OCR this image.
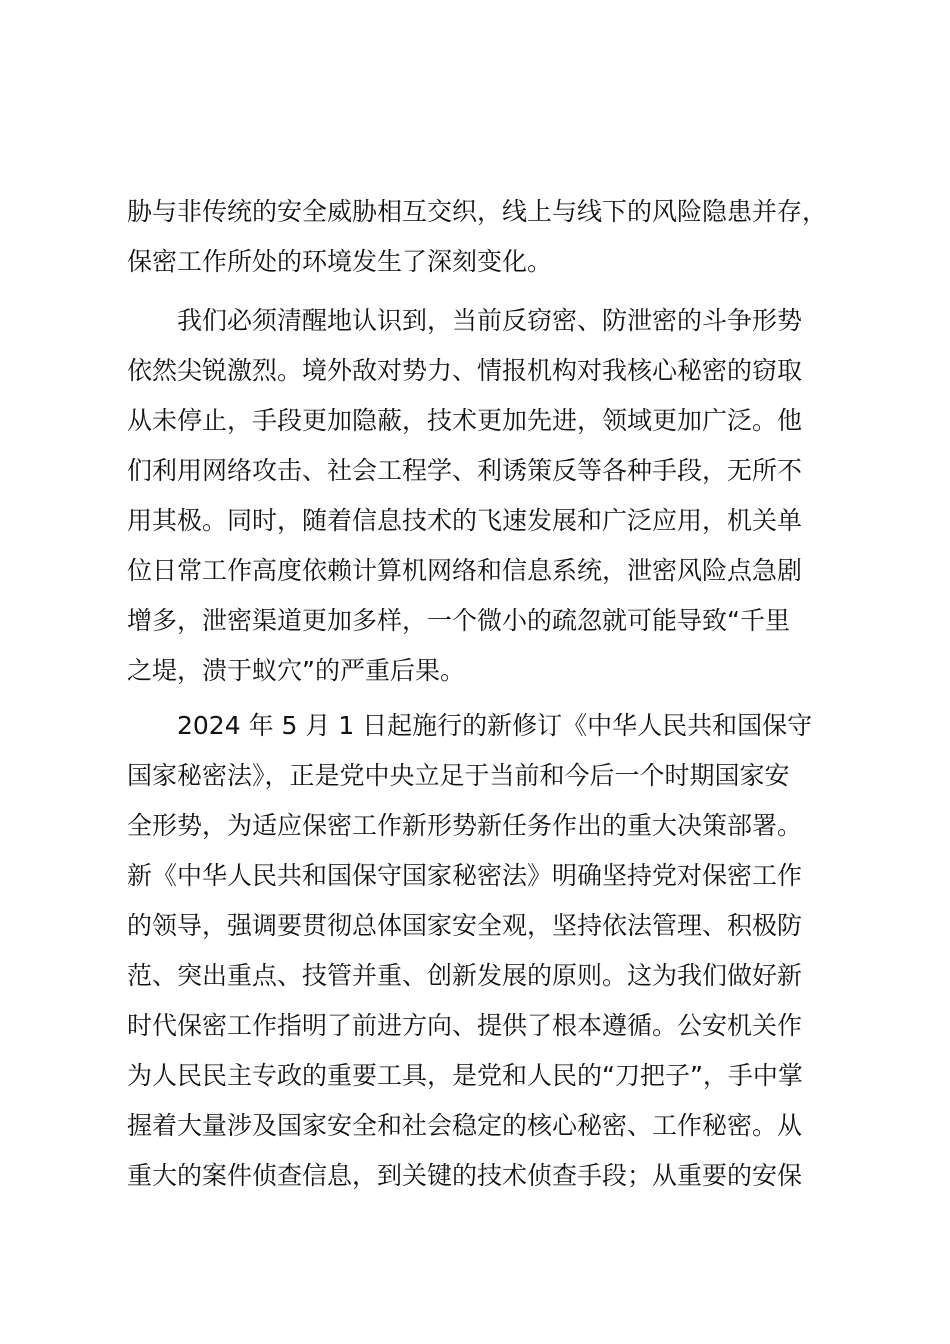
胁与非传统的安全威胁相互交织，线上与线下的风险隐患并存，
保密工作所处的环境发生了深刻变化。
　　我们必须清醒地认识到，当前反窃密、防泄密的斗争形势
依然尖锐激烈。境外敌对势力、情报机构对我核心秘密的窃取
从未停止，手段更加隐蔽，技术更加先进，领域更加广泛。他
们利用网络攻击、社会工程学、利诱策反等各种手段，无所不
用其极。同时，随着信息技术的飞速发展和广泛应用，机关单
位日常工作高度依赖计算机网络和信息系统，泄密风险点急剧
增多，泄密渠道更加多样，一个微小的疏忽就可能导致“千里
之堤，溃于蚁穴”的严重后果。
　　2024 年 5 月 1 日起施行的新修订《中华人民共和国保守
国家秘密法》，正是党中央立足于当前和今后一个时期国家安
全形势，为适应保密工作新形势新任务作出的重大决策部署。
新《中华人民共和国保守国家秘密法》明确坚持党对保密工作
的领导，强调要贯彻总体国家安全观，坚持依法管理、积极防
范、突出重点、技管并重、创新发展的原则。这为我们做好新
时代保密工作指明了前进方向、提供了根本遵循。公安机关作
为人民民主专政的重要工具，是党和人民的“刀把子”，手中掌
握着大量涉及国家安全和社会稳定的核心秘密、工作秘密。从
重大的案件侦查信息，到关键的技术侦查手段；从重要的安保
